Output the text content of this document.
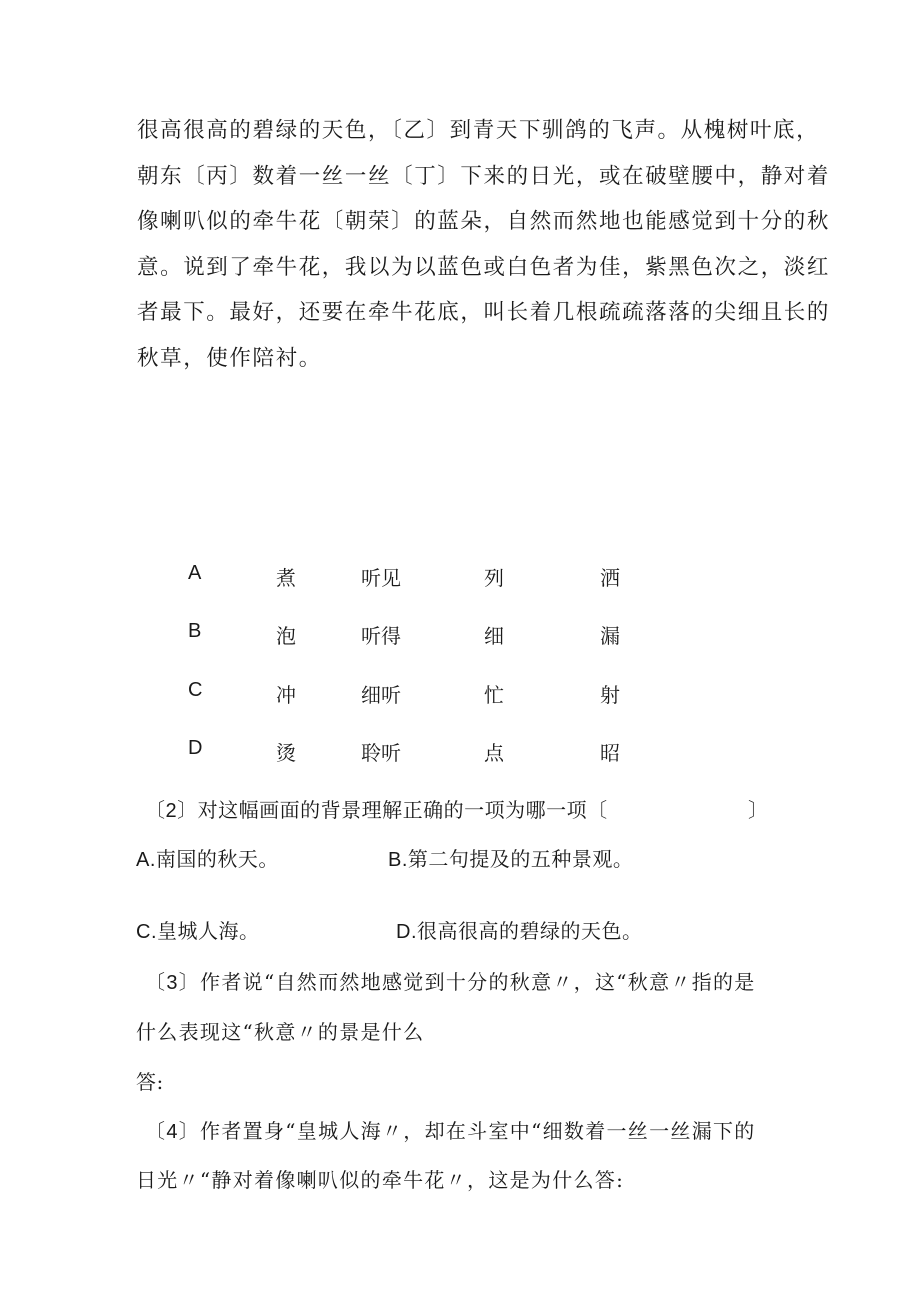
很高很高的碧绿的天色，〔乙〕到青天下驯鸽的飞声。从槐树叶底，
朝东〔丙〕数着一丝一丝〔丁〕下来的日光，或在破壁腰中，静对着
像喇叭似的牵牛花〔朝荣〕的蓝朵，自然而然地也能感觉到十分的秋
意。说到了牵牛花，我以为以蓝色或白色者为佳，紫黑色次之，淡红
者最下。最好，还要在牵牛花底，叫长着几根疏疏落落的尖细且长的
秋草，使作陪衬。
A	煮	听见	列	洒
B	泡	听得	细	漏
C	冲	细听	忙	射
D	烫	聆听	点	昭
〔2〕对这幅画面的背景理解正确的一项为哪一项〔	〕
A.南国的秋天。	B.第二句提及的五种景观。
C.皇城人海。	D.很高很高的碧绿的天色。
〔3〕作者说“自然而然地感觉到十分的秋意〃，这“秋意〃指的是
什么表现这“秋意〃的景是什么
答:
〔4〕作者置身“皇城人海〃，却在斗室中“细数着一丝一丝漏下的
日光〃“静对着像喇叭似的牵牛花〃，这是为什么答:
